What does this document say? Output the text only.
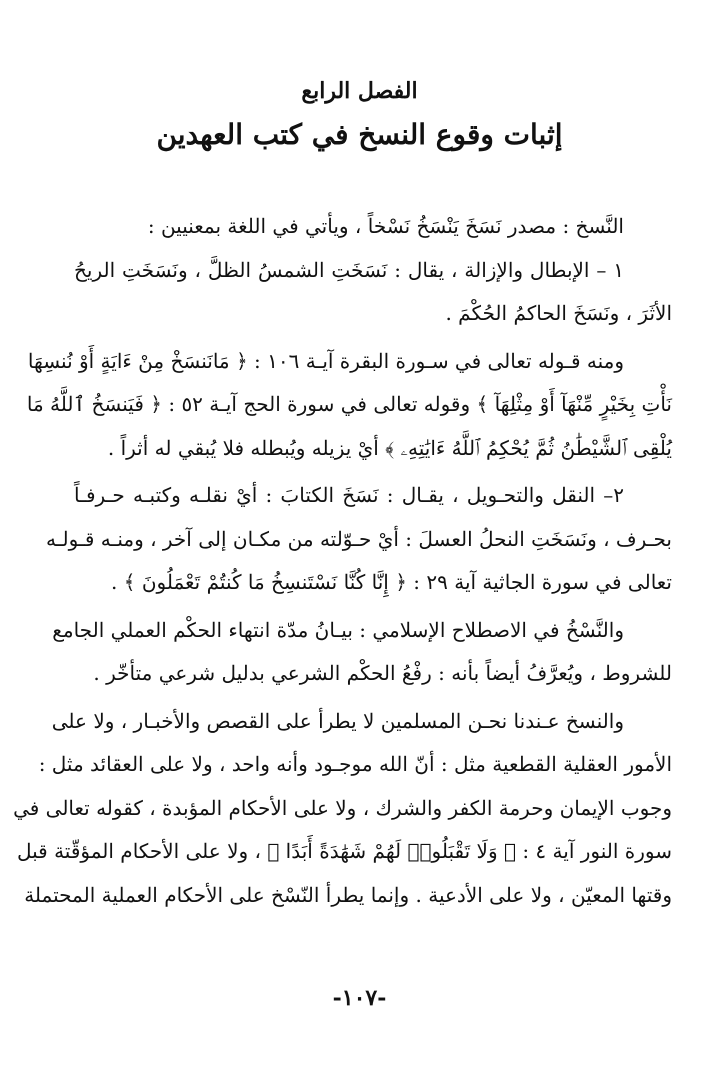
الفصل الرابع
إثبات وقوع النسخ في كتب العهدين
النَّسخ : مصدر نَسَخَ يَنْسَخُ نَسْخاً ، ويأتي في اللغة بمعنيين :
١ – الإبطال والإزالة ، يقال : نَسَخَتِ الشمسُ الظلَّ ، ونَسَخَتِ الريحُ
الأثَرَ ، ونَسَخَ الحاكمُ الحُكْمَ .
ومنه قـوله تعالى في سـورة البقرة آيـة ١٠٦ : ﴿ مَانَنسَخْ مِنْ ءَايَةٍ أَوْ نُنسِهَا
نَأْتِ بِخَيْرٍ مِّنْهَآ أَوْ مِثْلِهَآ ﴾ وقوله تعالى في سورة الحج آيـة ٥٢ : ﴿ فَيَنسَخُ ٱللَّهُ مَا
يُلْقِى ٱلشَّيْطَٰنُ ثُمَّ يُحْكِمُ ٱللَّهُ ءَايَٰتِهِۦ ﴾ أيْ يزيله ويُبطله فلا يُبقي له أثراً .
٢– النقل والتحـويل ، يقـال : نَسَخَ الكتابَ : أيْ نقلـه وكتبـه حـرفـاً
بحـرف ، ونَسَخَتِ النحلُ العسلَ : أيْ حـوّلته من مكـان إلى آخر ، ومنـه قـولـه
تعالى في سورة الجاثية آية ٢٩ : ﴿ إِنَّا كُنَّا نَسْتَنسِخُ مَا كُنتُمْ تَعْمَلُونَ ﴾ .
والنَّسْخُ في الاصطلاح الإسلامي : بيـانُ مدّة انتهاء الحكْم العملي الجامع
للشروط ، ويُعرَّفُ أيضاً بأنه : رفْعُ الحكْم الشرعي بدليل شرعي متأخّر .
والنسخ عـندنا نحـن المسلمين لا يطرأ على القصص والأخبـار ، ولا على
الأمور العقلية القطعية مثل : أنّ الله موجـود وأنه واحد ، ولا على العقائد مثل :
وجوب الإيمان وحرمة الكفر والشرك ، ولا على الأحكام المؤبدة ، كقوله تعالى في
سورة النور آية ٤ : ﴿ وَلَا تَقْبَلُوا۟ لَهُمْ شَهَٰدَةً أَبَدًا ﴾ ، ولا على الأحكام المؤقّتة قبل
وقتها المعيّن ، ولا على الأدعية . وإنما يطرأ النّسْخ على الأحكام العملية المحتملة
-١٠٧-
